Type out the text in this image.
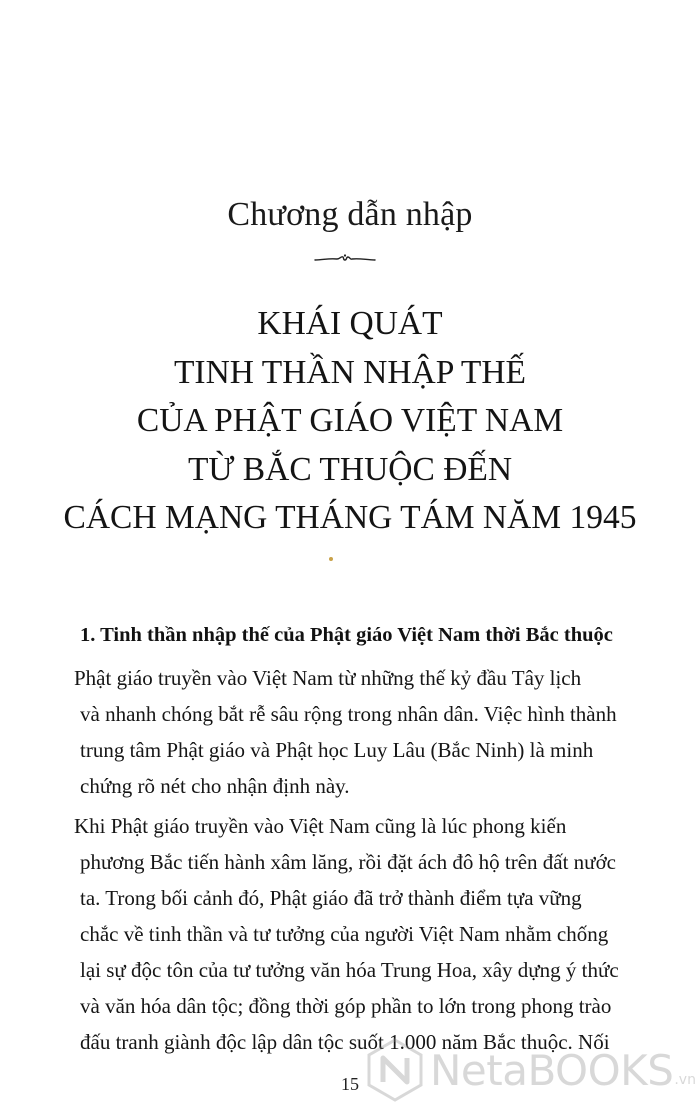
Chương dẫn nhập
KHÁI QUÁT
TINH THẦN NHẬP THẾ
CỦA PHẬT GIÁO VIỆT NAM
TỪ BẮC THUỘC ĐẾN
CÁCH MẠNG THÁNG TÁM NĂM 1945
1. Tinh thần nhập thế của Phật giáo Việt Nam thời Bắc thuộc

Phật giáo truyền vào Việt Nam từ những thế kỷ đầu Tây lịch
và nhanh chóng bắt rễ sâu rộng trong nhân dân. Việc hình thành
trung tâm Phật giáo và Phật học Luy Lâu (Bắc Ninh) là minh
chứng rõ nét cho nhận định này.

Khi Phật giáo truyền vào Việt Nam cũng là lúc phong kiến
phương Bắc tiến hành xâm lăng, rồi đặt ách đô hộ trên đất nước
ta. Trong bối cảnh đó, Phật giáo đã trở thành điểm tựa vững
chắc về tinh thần và tư tưởng của người Việt Nam nhằm chống
lại sự độc tôn của tư tưởng văn hóa Trung Hoa, xây dựng ý thức
và văn hóa dân tộc; đồng thời góp phần to lớn trong phong trào
đấu tranh giành độc lập dân tộc suốt 1.000 năm Bắc thuộc. Nối

15	NetaBOOKS .vn
